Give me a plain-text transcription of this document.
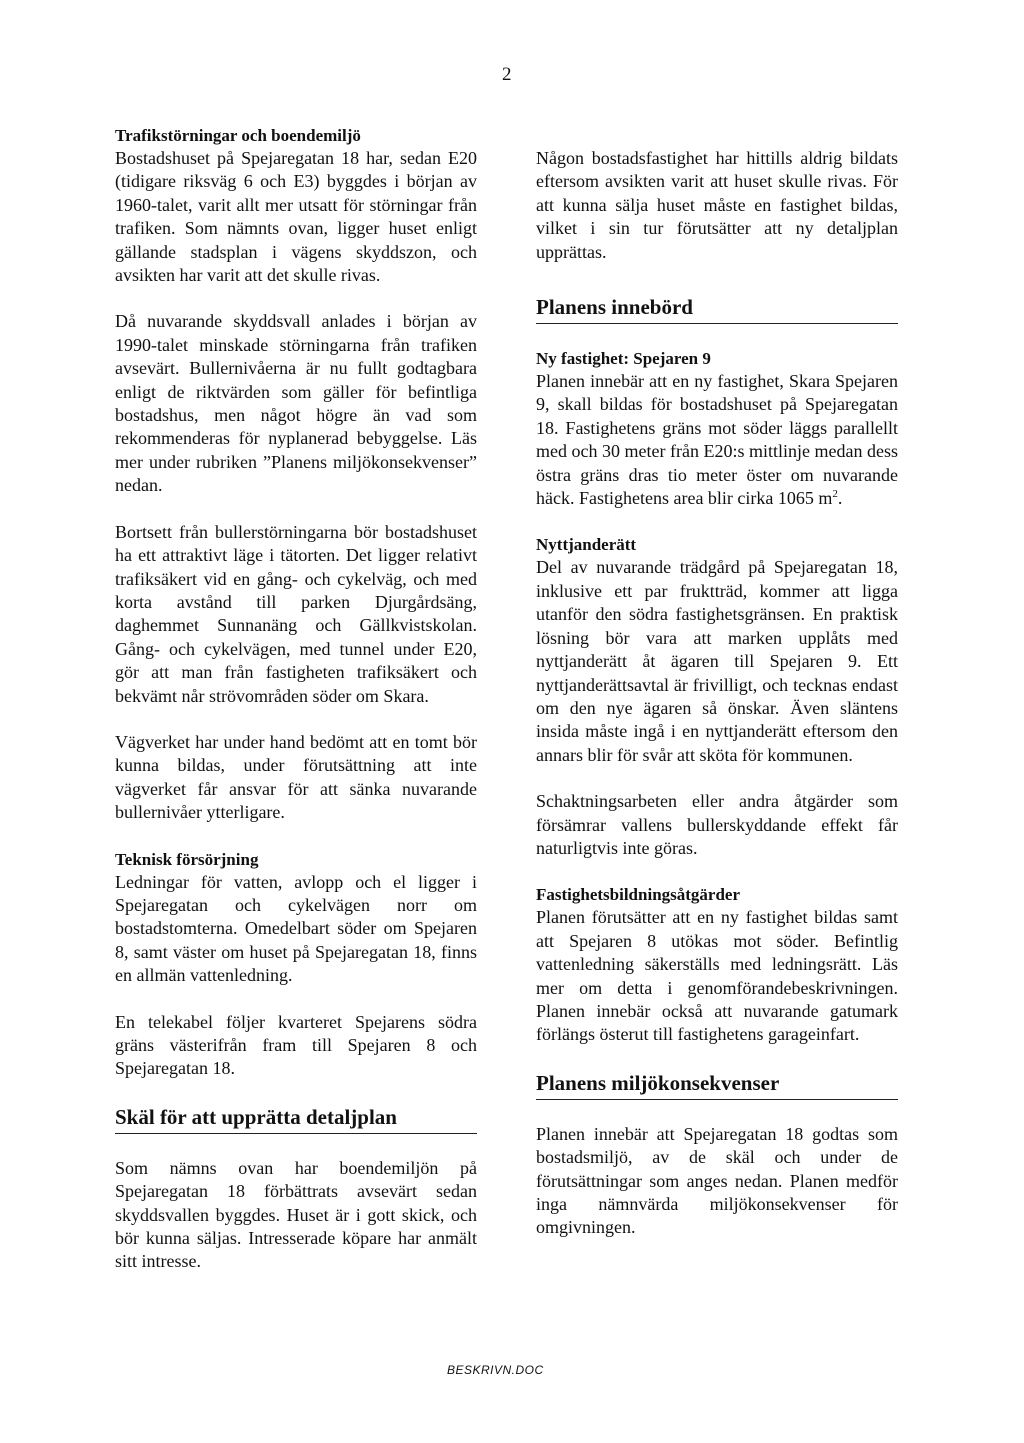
2
Trafikstörningar och boendemiljö

Bostadshuset på Spejaregatan 18 har, sedan E20 (tidigare riksväg 6 och E3) byggdes i början av 1960-talet, varit allt mer utsatt för störningar från trafiken. Som nämnts ovan, ligger huset enligt gällande stadsplan i vägens skyddszon, och avsikten har varit att det skulle rivas.

Då nuvarande skyddsvall anlades i början av 1990-talet minskade störningarna från trafiken avsevärt. Bullernivåerna är nu fullt godtagbara enligt de riktvärden som gäller för befintliga bostadshus, men något högre än vad som rekommenderas för nyplanerad bebyggelse. Läs mer under rubriken ”Planens miljökonsekvenser” nedan.

Bortsett från bullerstörningarna bör bostadshuset ha ett attraktivt läge i tätorten. Det ligger relativt trafiksäkert vid en gång- och cykelväg, och med korta avstånd till parken Djurgårdsäng, daghemmet Sunnanäng och Gällkvistskolan. Gång- och cykelvägen, med tunnel under E20, gör att man från fastigheten trafiksäkert och bekvämt når strövområden söder om Skara.

Vägverket har under hand bedömt att en tomt bör kunna bildas, under förutsättning att inte vägverket får ansvar för att sänka nuvarande bullernivåer ytterligare.

Teknisk försörjning

Ledningar för vatten, avlopp och el ligger i Spejaregatan och cykelvägen norr om bostadstomterna. Omedelbart söder om Spejaren 8, samt väster om huset på Spejaregatan 18, finns en allmän vattenledning.

En telekabel följer kvarteret Spejarens södra gräns västerifrån fram till Spejaren 8 och Spejaregatan 18.

Skäl för att upprätta detaljplan

Som nämns ovan har boendemiljön på Spejaregatan 18 förbättrats avsevärt sedan skyddsvallen byggdes. Huset är i gott skick, och bör kunna säljas. Intresserade köpare har anmält sitt intresse.

Någon bostadsfastighet har hittills aldrig bildats eftersom avsikten varit att huset skulle rivas. För att kunna sälja huset måste en fastighet bildas, vilket i sin tur förutsätter att ny detaljplan upprättas.

Planens innebörd
Ny fastighet: Spejaren 9

Planen innebär att en ny fastighet, Skara Spejaren 9, skall bildas för bostadshuset på Spejaregatan 18. Fastighetens gräns mot söder läggs parallellt med och 30 meter från E20:s mittlinje medan dess östra gräns dras tio meter öster om nuvarande häck. Fastighetens area blir cirka 1065 $m^2$.

Nyttjanderätt

Del av nuvarande trädgård på Spejaregatan 18, inklusive ett par fruktträd, kommer att ligga utanför den södra fastighetsgränsen. En praktisk lösning bör vara att marken upplåts med nyttjanderätt åt ägaren till Spejaren 9. Ett nyttjanderättsavtal är frivilligt, och tecknas endast om den nye ägaren så önskar. Även släntens insida måste ingå i en nyttjanderätt eftersom den annars blir för svår att sköta för kommunen.

Schaktningsarbeten eller andra åtgärder som försämrar vallens bullerskyddande effekt får naturligtvis inte göras.

Fastighetsbildningsåtgärder

Planen förutsätter att en ny fastighet bildas samt att Spejaren 8 utökas mot söder. Befintlig vattenledning säkerställs med ledningsrätt. Läs mer om detta i genomförandebeskrivningen. Planen innebär också att nuvarande gatumark förlängs österut till fastighetens garageinfart.

Planens miljökonsekvenser

Planen innebär att Spejaregatan 18 godtas som bostadsmiljö, av de skäl och under de förutsättningar som anges nedan. Planen medför inga nämnvärda miljökonsekvenser för omgivningen.

BESKRIVN.DOC
